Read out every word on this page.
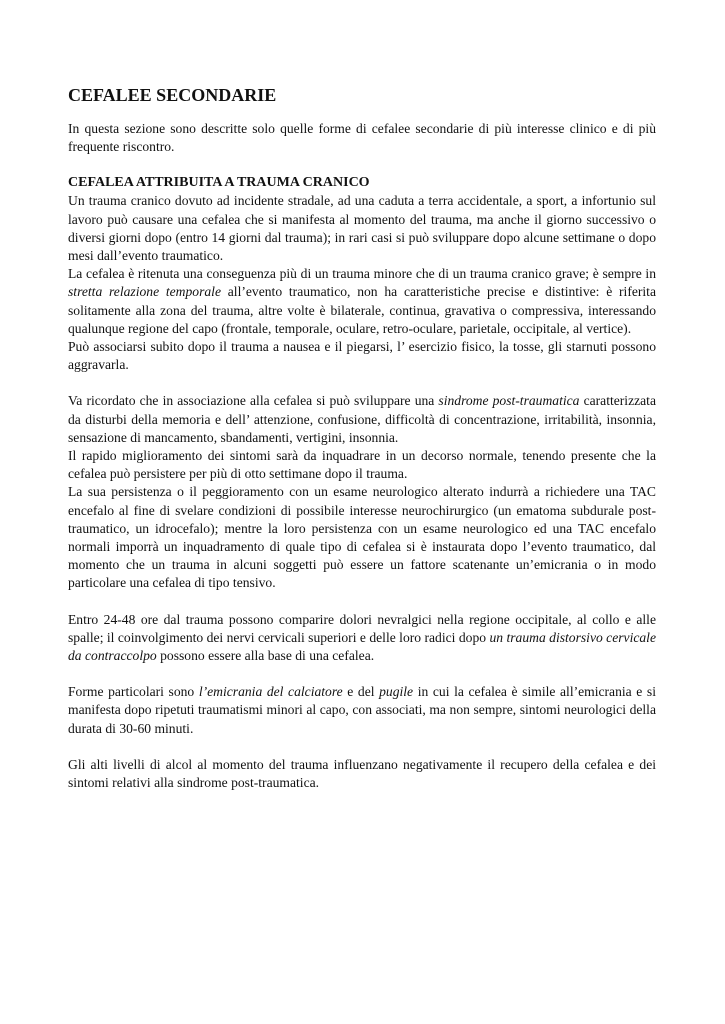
CEFALEE SECONDARIE

In questa sezione sono descritte solo quelle forme di cefalee secondarie di più interesse clinico e di più frequente riscontro.

CEFALEA ATTRIBUITA A TRAUMA CRANICO

Un trauma cranico dovuto ad incidente stradale, ad una caduta a terra accidentale, a sport, a infortunio sul lavoro può causare una cefalea che si manifesta al momento del trauma, ma anche il giorno successivo o diversi giorni dopo (entro 14 giorni dal trauma); in rari casi si può sviluppare dopo alcune settimane o dopo mesi dall’evento traumatico.

La cefalea è ritenuta una conseguenza più di un trauma minore che di un trauma cranico grave; è sempre in stretta relazione temporale all’evento traumatico, non ha caratteristiche precise e distintive: è riferita solitamente alla zona del trauma, altre volte è bilaterale, continua, gravativa o compressiva, interessando qualunque regione del capo (frontale, temporale, oculare, retro-oculare, parietale, occipitale, al vertice).

Può associarsi subito dopo il trauma a nausea e il piegarsi, l’ esercizio fisico, la tosse, gli starnuti possono aggravarla.

Va ricordato che in associazione alla cefalea si può sviluppare una sindrome post-traumatica caratterizzata da disturbi della memoria e dell’ attenzione, confusione, difficoltà di concentrazione, irritabilità, insonnia, sensazione di mancamento, sbandamenti, vertigini, insonnia.

Il rapido miglioramento dei sintomi sarà da inquadrare in un decorso normale, tenendo presente che la cefalea può persistere per più di otto settimane dopo il trauma.

La sua persistenza o il peggioramento con un esame neurologico alterato indurrà a richiedere una TAC encefalo al fine di svelare condizioni di possibile interesse neurochirurgico (un ematoma subdurale post-traumatico, un idrocefalo); mentre la loro persistenza con un esame neurologico ed una TAC encefalo normali imporrà un inquadramento di quale tipo di cefalea si è instaurata dopo l’evento traumatico, dal momento che un trauma in alcuni soggetti può essere un fattore scatenante un’emicrania o in modo particolare una cefalea di tipo tensivo.

Entro 24-48 ore dal trauma possono comparire dolori nevralgici nella regione occipitale, al collo e alle spalle; il coinvolgimento dei nervi cervicali superiori e delle loro radici dopo un trauma distorsivo cervicale da contraccolpo possono essere alla base di una cefalea.

Forme particolari sono l’emicrania del calciatore e del pugile in cui la cefalea è simile all’emicrania e si manifesta dopo ripetuti traumatismi minori al capo, con associati, ma non sempre, sintomi neurologici della durata di 30-60 minuti.

Gli alti livelli di alcol al momento del trauma influenzano negativamente il recupero della cefalea e dei sintomi relativi alla sindrome post-traumatica.
